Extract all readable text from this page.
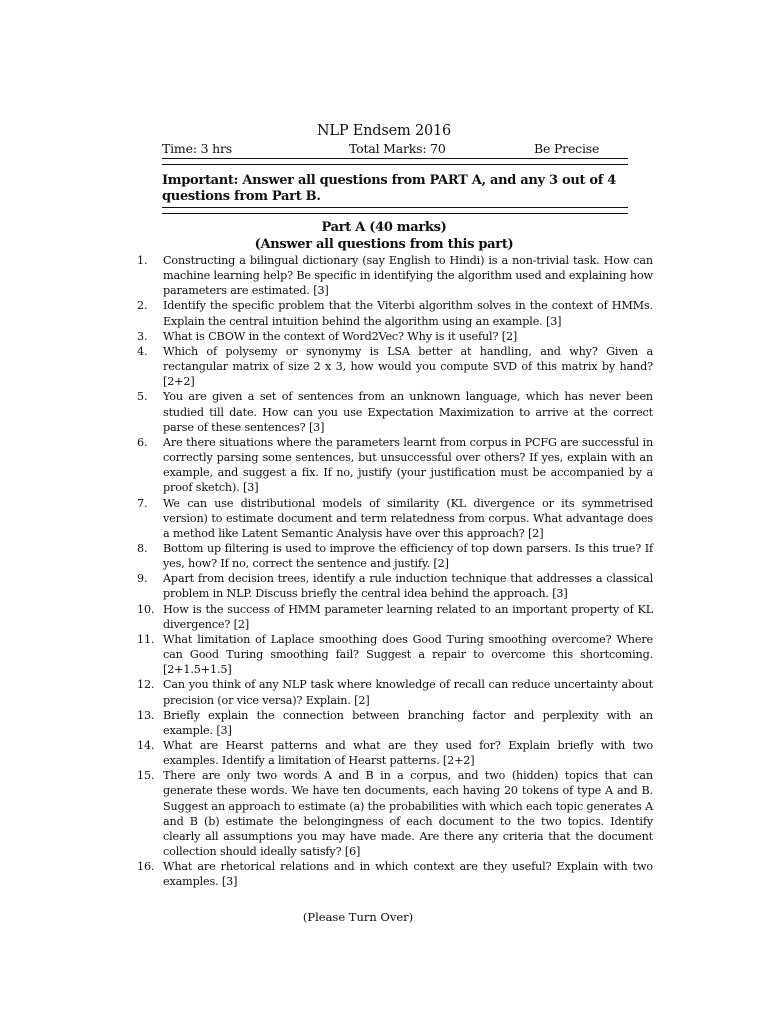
NLP Endsem 2016
Time: 3 hrs	Total Marks: 70	Be Precise
Important: Answer all questions from PART A, and any 3 out of 4 questions from Part B.
Part A (40 marks)
(Answer all questions from this part)
1. Constructing a bilingual dictionary (say English to Hindi) is a non-trivial task. How can machine learning help? Be specific in identifying the algorithm used and explaining how parameters are estimated. [3]
2. Identify the specific problem that the Viterbi algorithm solves in the context of HMMs. Explain the central intuition behind the algorithm using an example. [3]
3. What is CBOW in the context of Word2Vec? Why is it useful? [2]
4. Which of polysemy or synonymy is LSA better at handling, and why? Given a rectangular matrix of size 2 x 3, how would you compute SVD of this matrix by hand? [2+2]
5. You are given a set of sentences from an unknown language, which has never been studied till date. How can you use Expectation Maximization to arrive at the correct parse of these sentences? [3]
6. Are there situations where the parameters learnt from corpus in PCFG are successful in correctly parsing some sentences, but unsuccessful over others? If yes, explain with an example, and suggest a fix. If no, justify (your justification must be accompanied by a proof sketch). [3]
7. We can use distributional models of similarity (KL divergence or its symmetrised version) to estimate document and term relatedness from corpus. What advantage does a method like Latent Semantic Analysis have over this approach? [2]
8. Bottom up filtering is used to improve the efficiency of top down parsers. Is this true? If yes, how? If no, correct the sentence and justify. [2]
9. Apart from decision trees, identify a rule induction technique that addresses a classical problem in NLP. Discuss briefly the central idea behind the approach. [3]
10. How is the success of HMM parameter learning related to an important property of KL divergence? [2]
11. What limitation of Laplace smoothing does Good Turing smoothing overcome? Where can Good Turing smoothing fail? Suggest a repair to overcome this shortcoming. [2+1.5+1.5]
12. Can you think of any NLP task where knowledge of recall can reduce uncertainty about precision (or vice versa)? Explain. [2]
13. Briefly explain the connection between branching factor and perplexity with an example. [3]
14. What are Hearst patterns and what are they used for? Explain briefly with two examples. Identify a limitation of Hearst patterns. [2+2]
15. There are only two words A and B in a corpus, and two (hidden) topics that can generate these words. We have ten documents, each having 20 tokens of type A and B. Suggest an approach to estimate (a) the probabilities with which each topic generates A and B (b) estimate the belongingness of each document to the two topics. Identify clearly all assumptions you may have made. Are there any criteria that the document collection should ideally satisfy? [6]
16. What are rhetorical relations and in which context are they useful? Explain with two examples. [3]
(Please Turn Over)
